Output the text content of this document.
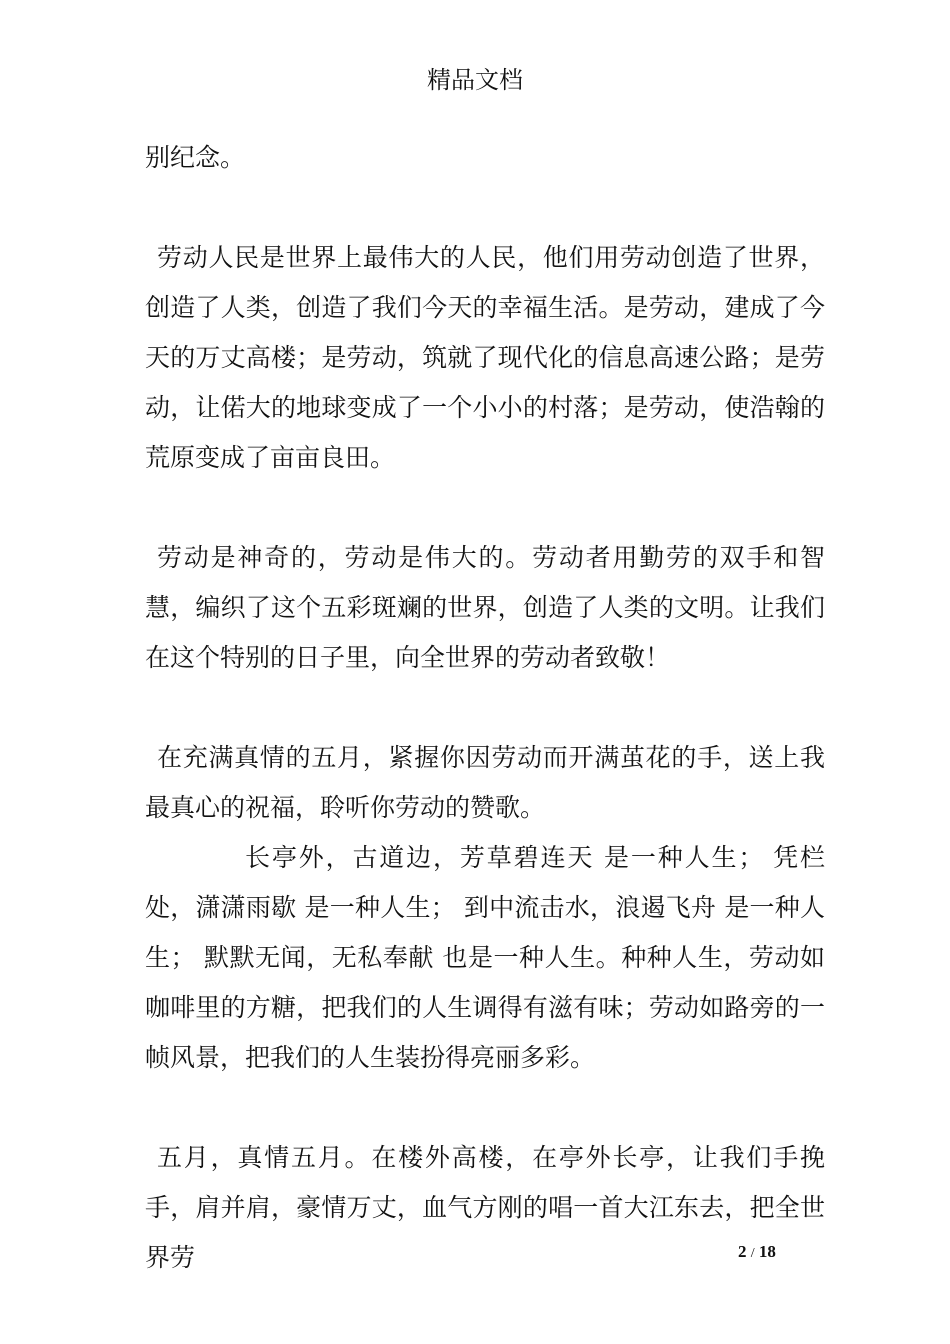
精品文档

别纪念。

劳动人民是世界上最伟大的人民，他们用劳动创造了世界，创造了人类，创造了我们今天的幸福生活。是劳动，建成了今天的万丈高楼；是劳动，筑就了现代化的信息高速公路；是劳动，让偌大的地球变成了一个小小的村落；是劳动，使浩翰的荒原变成了亩亩良田。

劳动是神奇的，劳动是伟大的。劳动者用勤劳的双手和智慧，编织了这个五彩斑斓的世界，创造了人类的文明。让我们在这个特别的日子里，向全世界的劳动者致敬！

在充满真情的五月，紧握你因劳动而开满茧花的手，送上我最真心的祝福，聆听你劳动的赞歌。

长亭外，古道边，芳草碧连天 是一种人生； 凭栏处，潇潇雨歇 是一种人生； 到中流击水，浪遏飞舟 是一种人生； 默默无闻，无私奉献 也是一种人生。种种人生，劳动如咖啡里的方糖，把我们的人生调得有滋有味；劳动如路旁的一帧风景，把我们的人生装扮得亮丽多彩。

五月，真情五月。在楼外高楼，在亭外长亭，让我们手挽手，肩并肩，豪情万丈，血气方刚的唱一首大江东去，把全世界劳	2 / 18
